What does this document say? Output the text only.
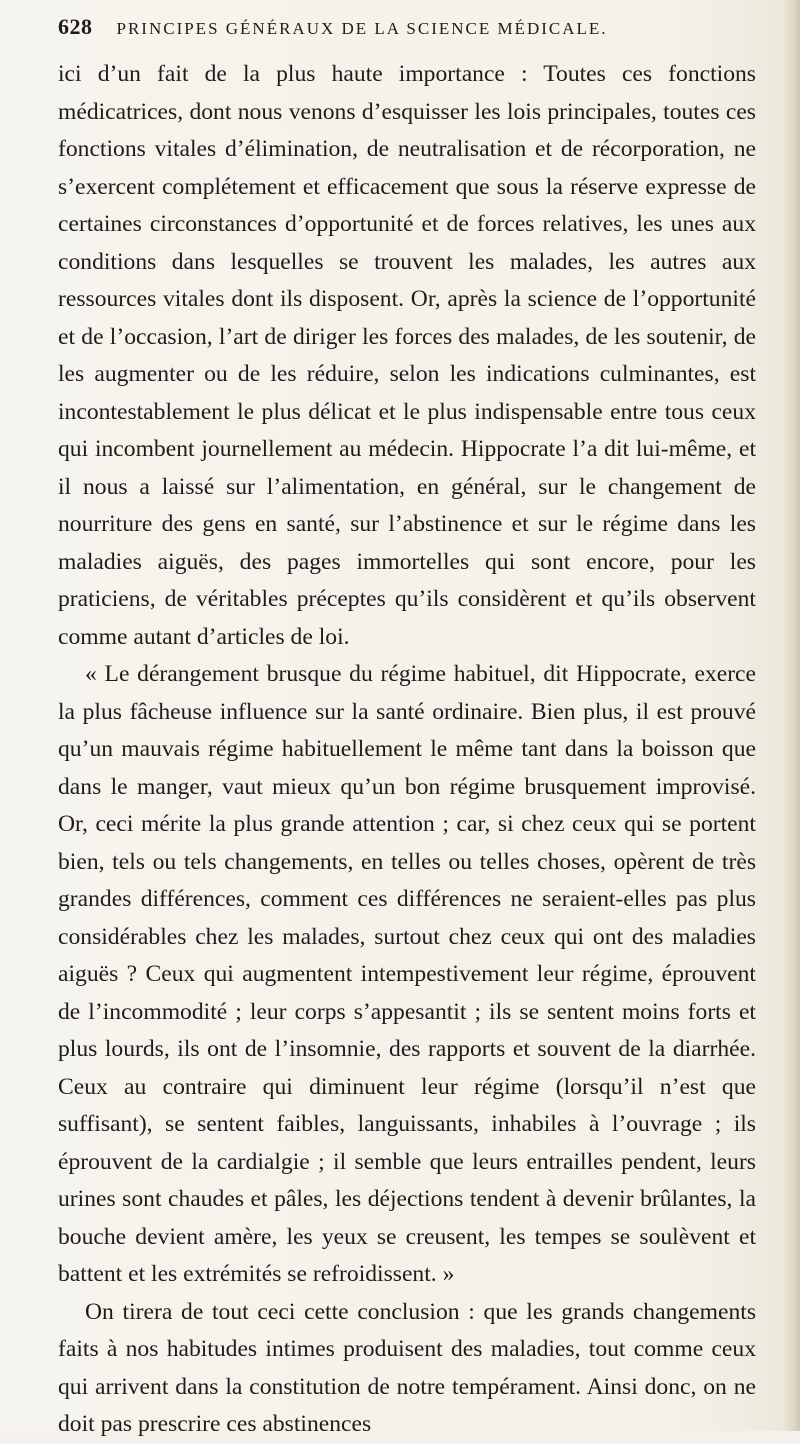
628 PRINCIPES GÉNÉRAUX DE LA SCIENCE MÉDICALE.

ici d’un fait de la plus haute importance : Toutes ces fonctions médicatrices, dont nous venons d’esquisser les lois principales, toutes ces fonctions vitales d’élimination, de neutralisation et de récorporation, ne s’exercent complétement et efficacement que sous la réserve expresse de certaines circonstances d’opportunité et de forces relatives, les unes aux conditions dans lesquelles se trouvent les malades, les autres aux ressources vitales dont ils disposent. Or, après la science de l’opportunité et de l’occasion, l’art de diriger les forces des malades, de les soutenir, de les augmenter ou de les réduire, selon les indications culminantes, est incontestablement le plus délicat et le plus indispensable entre tous ceux qui incombent journellement au médecin. Hippocrate l’a dit lui-même, et il nous a laissé sur l’alimentation, en général, sur le changement de nourriture des gens en santé, sur l’abstinence et sur le régime dans les maladies aiguës, des pages immortelles qui sont encore, pour les praticiens, de véritables préceptes qu’ils considèrent et qu’ils observent comme autant d’articles de loi.

« Le dérangement brusque du régime habituel, dit Hippocrate, exerce la plus fâcheuse influence sur la santé ordinaire. Bien plus, il est prouvé qu’un mauvais régime habituellement le même tant dans la boisson que dans le manger, vaut mieux qu’un bon régime brusquement improvisé. Or, ceci mérite la plus grande attention ; car, si chez ceux qui se portent bien, tels ou tels changements, en telles ou telles choses, opèrent de très grandes différences, comment ces différences ne seraient-elles pas plus considérables chez les malades, surtout chez ceux qui ont des maladies aiguës ? Ceux qui augmentent intempestivement leur régime, éprouvent de l’incommodité ; leur corps s’appesantit ; ils se sentent moins forts et plus lourds, ils ont de l’insomnie, des rapports et souvent de la diarrhée. Ceux au contraire qui diminuent leur régime (lorsqu’il n’est que suffisant), se sentent faibles, languissants, inhabiles à l’ouvrage ; ils éprouvent de la cardialgie ; il semble que leurs entrailles pendent, leurs urines sont chaudes et pâles, les déjections tendent à devenir brûlantes, la bouche devient amère, les yeux se creusent, les tempes se soulèvent et battent et les extrémités se refroidissent. »

On tirera de tout ceci cette conclusion : que les grands changements faits à nos habitudes intimes produisent des maladies, tout comme ceux qui arrivent dans la constitution de notre tempérament. Ainsi donc, on ne doit pas prescrire ces abstinences
